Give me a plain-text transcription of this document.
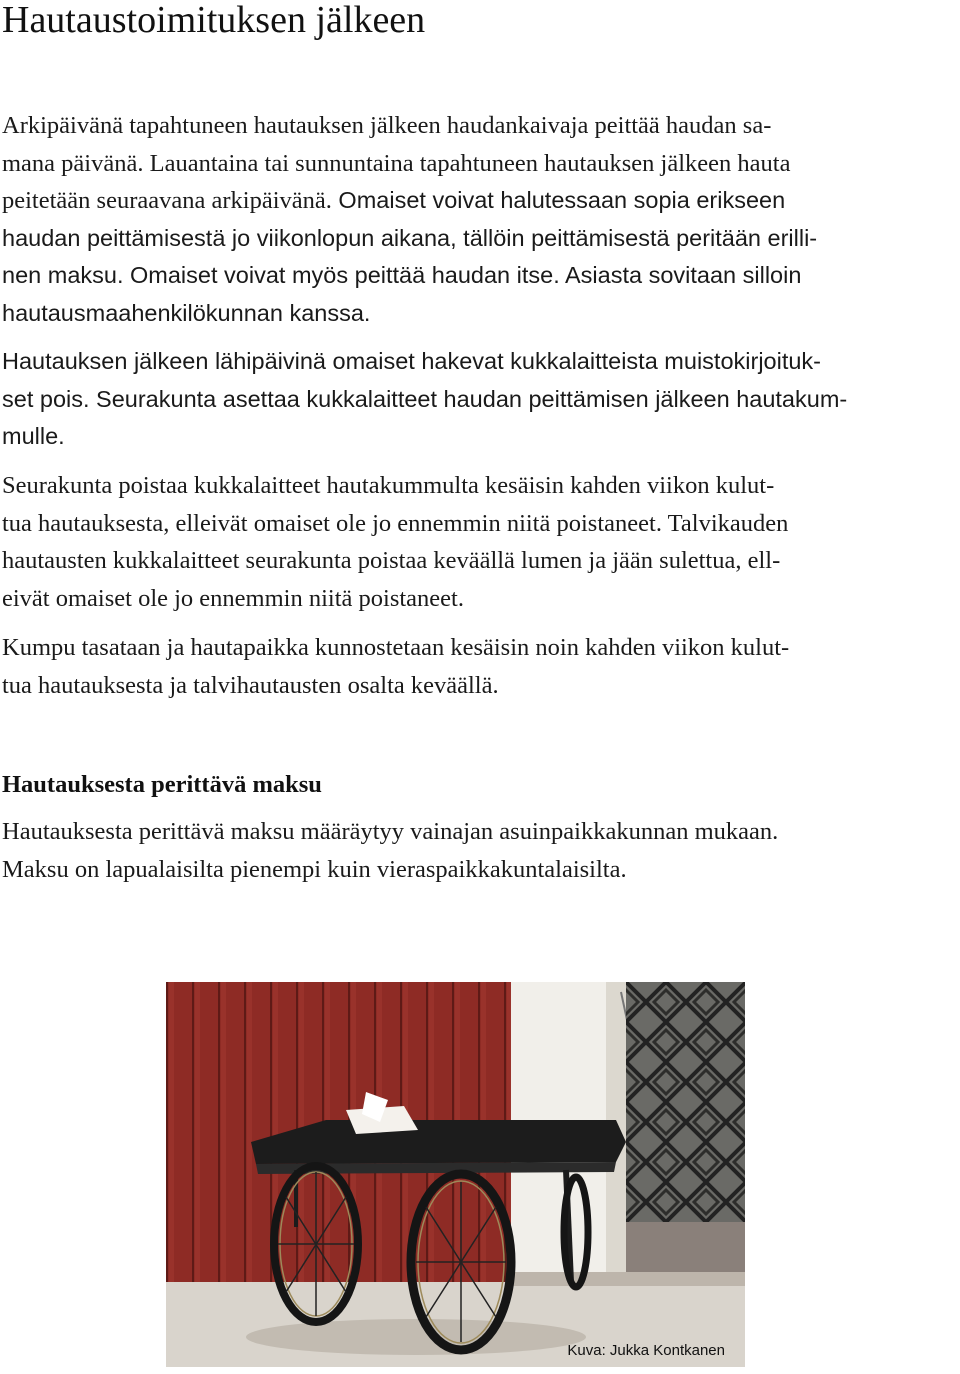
Hautaustoimituksen jälkeen
Arkipäivänä tapahtuneen hautauksen jälkeen haudankaivaja peittää haudan sa-
mana päivänä. Lauantaina tai sunnuntaina tapahtuneen hautauksen jälkeen hauta
peitetään seuraavana arkipäivänä. Omaiset voivat halutessaan sopia erikseen
haudan peittämisestä jo viikonlopun aikana, tällöin peittämisestä peritään erilli-
nen maksu. Omaiset voivat myös peittää haudan itse. Asiasta sovitaan silloin
hautausmaahenkilökunnan kanssa.
Hautauksen jälkeen lähipäivinä omaiset hakevat kukkalaitteista muistokirjoituk-
set pois. Seurakunta asettaa kukkalaitteet haudan peittämisen jälkeen hautakum-
mulle.
Seurakunta poistaa kukkalaitteet hautakummulta kesäisin kahden viikon kulut-
tua hautauksesta, elleivät omaiset ole jo ennemmin niitä poistaneet. Talvikauden
hautausten kukkalaitteet seurakunta poistaa keväällä lumen ja jään sulettua, ell-
eivät omaiset ole jo ennemmin niitä poistaneet.
Kumpu tasataan ja hautapaikka kunnostetaan kesäisin noin kahden viikon kulut-
tua hautauksesta ja talvihautausten osalta keväällä.
Hautauksesta perittävä maksu
Hautauksesta perittävä maksu määräytyy vainajan asuinpaikkakunnan mukaan.
Maksu on lapualaisilta pienempi kuin vieraspaikkakuntalaisilta.
Kuva: Jukka Kontkanen
